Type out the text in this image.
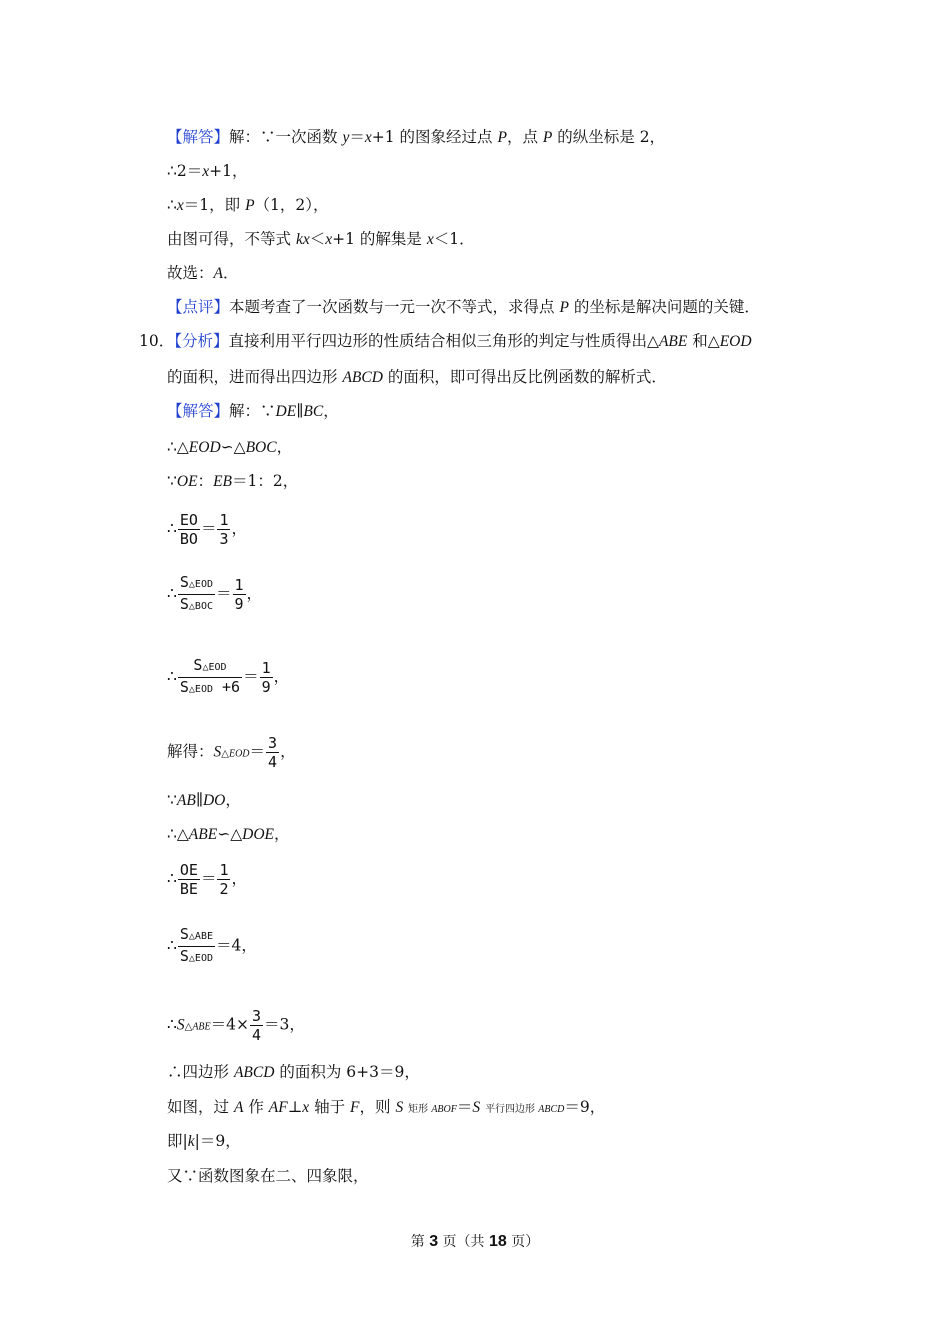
【解答】解：∵一次函数 y＝x+1 的图象经过点 P，点 P 的纵坐标是 2，
∴2＝x+1，
∴x＝1，即 P（1，2），
由图可得，不等式 kx＜x+1 的解集是 x＜1．
故选：A．
【点评】本题考查了一次函数与一元一次不等式，求得点 P 的坐标是解决问题的关键．
10．【分析】直接利用平行四边形的性质结合相似三角形的判定与性质得出△ABE 和△EOD
的面积，进而得出四边形 ABCD 的面积，即可得出反比例函数的解析式．
【解答】解：∵DE∥BC，
∴△EOD∽△BOC，
∵OE：EB＝1：2，
∴ $\frac{EO}{BO} = \frac{1}{3}$ ，
∴ $\frac{\text{S△EOD}}{\text{S△BOC}} = \frac{1}{9}$ ，
∴ $\frac{\text{S△EOD}}{\text{S△EOD +6}} = \frac{1}{9}$ ，
解得：S△EOD＝ $\frac{3}{4}$ ，
∵AB∥DO，
∴△ABE∽△DOE，
∴ $\frac{OE}{BE} = \frac{1}{2}$ ，
∴ $\frac{\text{S△ABE}}{\text{S△EOD}} =4$，
∴S△ABE＝4× $\frac{3}{4} =3$，
∴四边形 ABCD 的面积为 6+3＝9，
如图，过 A 作 AF⊥x 轴于 F，则 S 矩形 ABOF＝S 平行四边形 ABCD＝9，
即|k|＝9，
又∵函数图象在二、四象限，
第 3 页（共 18 页）
